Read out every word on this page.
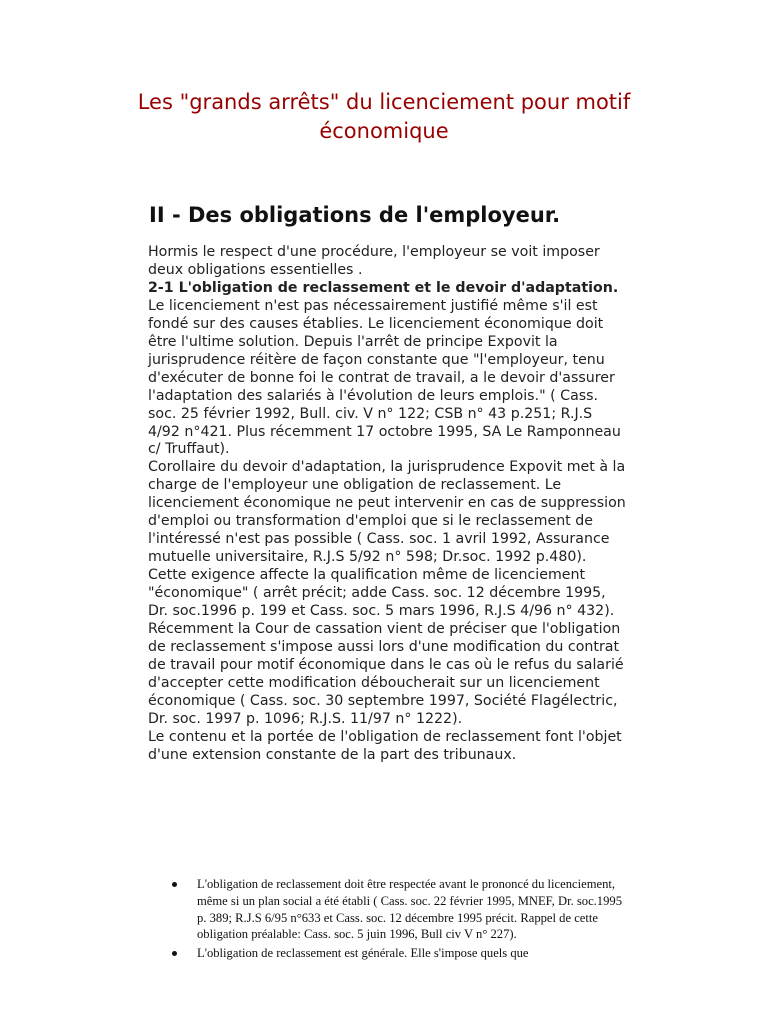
Les "grands arrêts" du licenciement pour motif économique
II - Des obligations de l'employeur.

Hormis le respect d'une procédure, l'employeur se voit imposer deux obligations essentielles .

2-1 L'obligation de reclassement et le devoir d'adaptation.

Le licenciement n'est pas nécessairement justifié même s'il est fondé sur des causes établies. Le licenciement économique doit être l'ultime solution. Depuis l'arrêt de principe Expovit la jurisprudence réitère de façon constante que "l'employeur, tenu d'exécuter de bonne foi le contrat de travail, a le devoir d'assurer l'adaptation des salariés à l'évolution de leurs emplois." ( Cass. soc. 25 février 1992, Bull. civ. V n° 122; CSB n° 43 p.251; R.J.S 4/92 n°421. Plus récemment 17 octobre 1995, SA Le Ramponneau c/ Truffaut).

Corollaire du devoir d'adaptation, la jurisprudence Expovit met à la charge de l'employeur une obligation de reclassement. Le licenciement économique ne peut intervenir en cas de suppression d'emploi ou transformation d'emploi que si le reclassement de l'intéressé n'est pas possible ( Cass. soc. 1 avril 1992, Assurance mutuelle universitaire, R.J.S 5/92 n° 598; Dr.soc. 1992 p.480). Cette exigence affecte la qualification même de licenciement "économique" ( arrêt précit; adde Cass. soc. 12 décembre 1995, Dr. soc.1996 p. 199 et Cass. soc. 5 mars 1996, R.J.S 4/96 n° 432).

Récemment la Cour de cassation vient de préciser que l'obligation de reclassement s'impose aussi lors d'une modification du contrat de travail pour motif économique dans le cas où le refus du salarié d'accepter cette modification déboucherait sur un licenciement économique ( Cass. soc. 30 septembre 1997, Société Flagélectric, Dr. soc. 1997 p. 1096; R.J.S. 11/97 n° 1222).

Le contenu et la portée de l'obligation de reclassement font l'objet d'une extension constante de la part des tribunaux.

L'obligation de reclassement doit être respectée avant le prononcé du licenciement, même si un plan social a été établi ( Cass. soc. 22 février 1995, MNEF, Dr. soc.1995 p. 389; R.J.S 6/95 n°633 et Cass. soc. 12 décembre 1995 précit. Rappel de cette obligation préalable: Cass. soc. 5 juin 1996, Bull civ V n° 227).
L'obligation de reclassement est générale. Elle s'impose quels que
